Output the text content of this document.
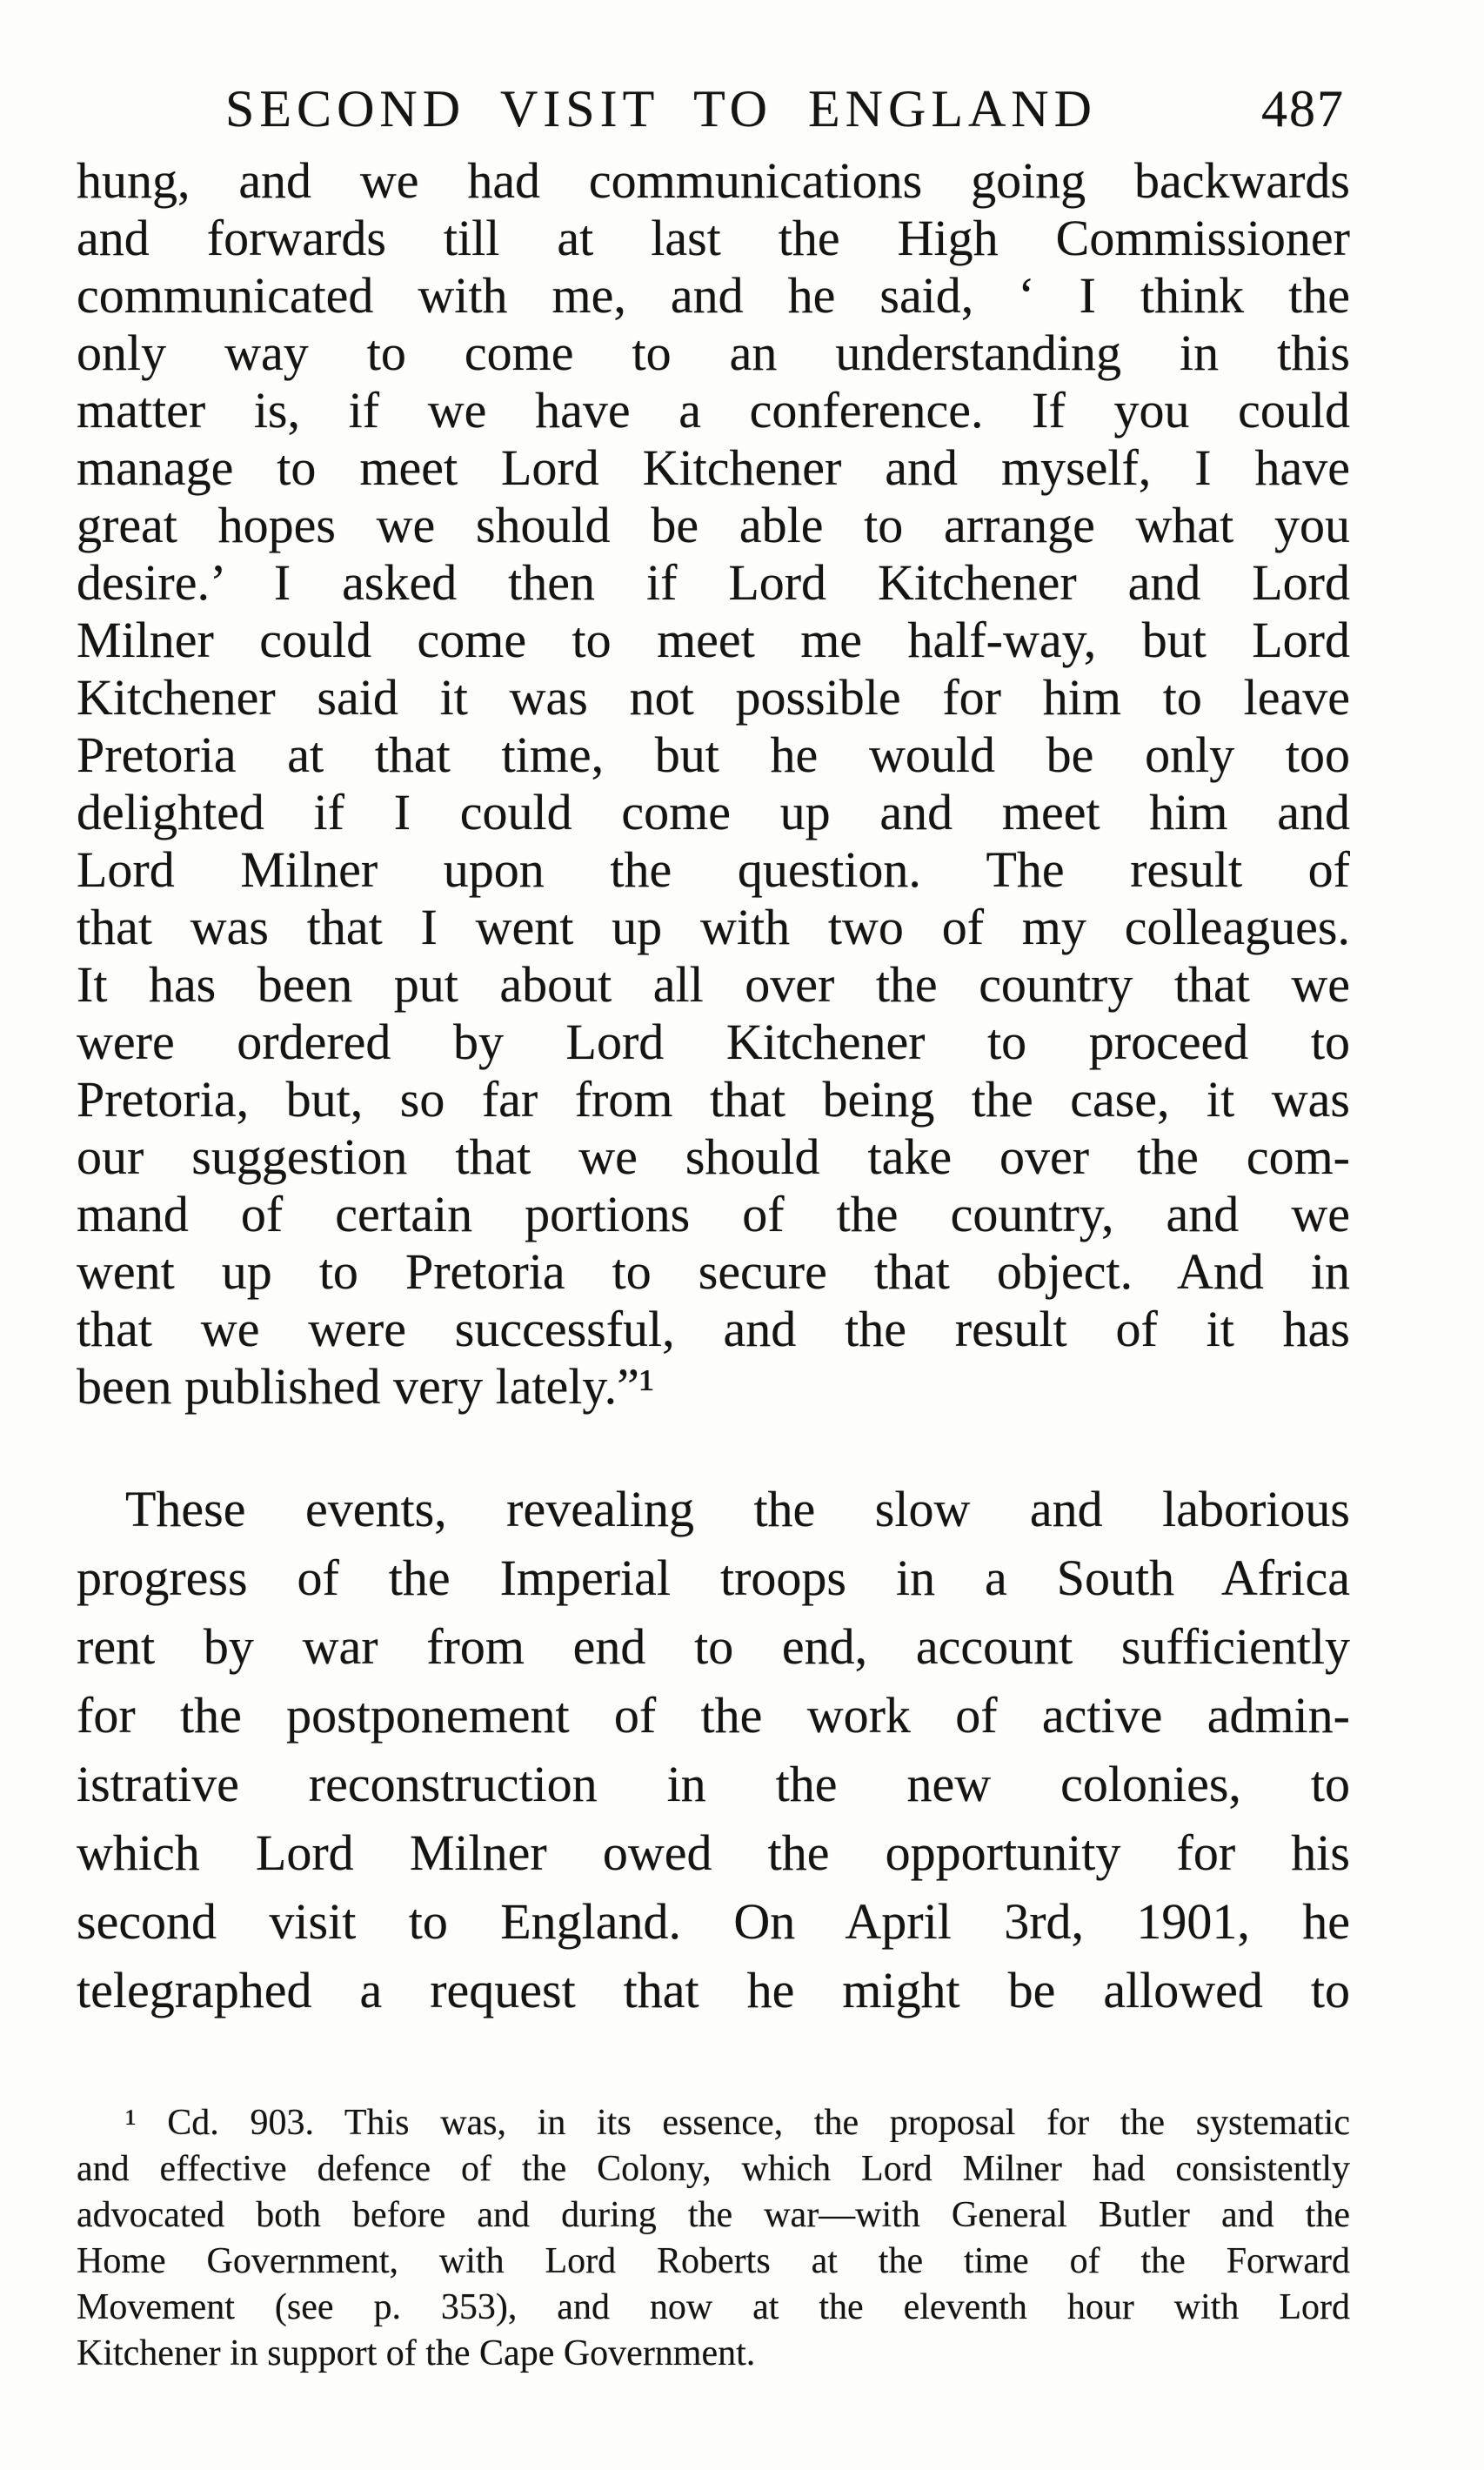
SECOND VISIT TO ENGLAND	487
hung, and we had communications going backwards
and forwards till at last the High Commissioner
communicated with me, and he said, ‘ I think the
only way to come to an understanding in this
matter is, if we have a conference. If you could
manage to meet Lord Kitchener and myself, I have
great hopes we should be able to arrange what you
desire.’ I asked then if Lord Kitchener and Lord
Milner could come to meet me half-way, but Lord
Kitchener said it was not possible for him to leave
Pretoria at that time, but he would be only too
delighted if I could come up and meet him and
Lord Milner upon the question. The result of
that was that I went up with two of my colleagues.
It has been put about all over the country that we
were ordered by Lord Kitchener to proceed to
Pretoria, but, so far from that being the case, it was
our suggestion that we should take over the com-
mand of certain portions of the country, and we
went up to Pretoria to secure that object. And in
that we were successful, and the result of it has
been published very lately.”¹
These events, revealing the slow and laborious
progress of the Imperial troops in a South Africa
rent by war from end to end, account sufficiently
for the postponement of the work of active admin-
istrative reconstruction in the new colonies, to
which Lord Milner owed the opportunity for his
second visit to England. On April 3rd, 1901, he
telegraphed a request that he might be allowed to
¹ Cd. 903. This was, in its essence, the proposal for the systematic
and effective defence of the Colony, which Lord Milner had consistently
advocated both before and during the war—with General Butler and the
Home Government, with Lord Roberts at the time of the Forward
Movement (see p. 353), and now at the eleventh hour with Lord
Kitchener in support of the Cape Government.
